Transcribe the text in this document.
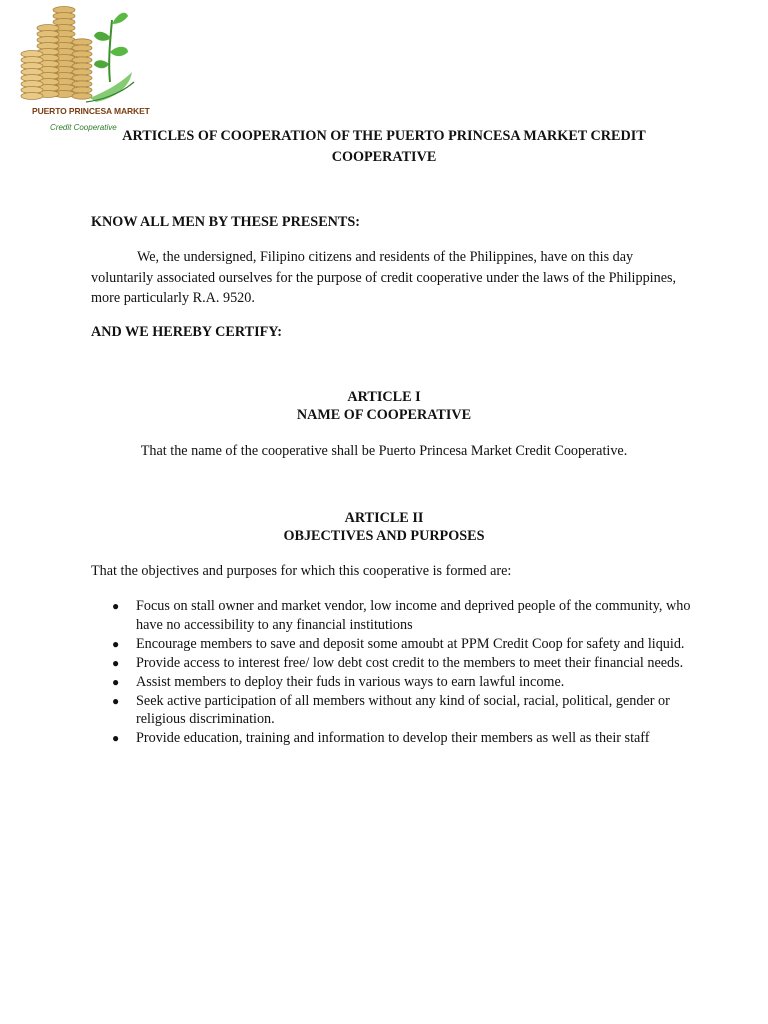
PUERTO PRINCESA MARKET
Credit Cooperative
ARTICLES OF COOPERATION OF THE PUERTO PRINCESA MARKET CREDIT COOPERATIVE

KNOW ALL MEN BY THESE PRESENTS:

We, the undersigned, Filipino citizens and residents of the Philippines, have on this day voluntarily associated ourselves for the purpose of credit cooperative under the laws of the Philippines, more particularly R.A. 9520.

AND WE HEREBY CERTIFY:

ARTICLE I
NAME OF COOPERATIVE

That the name of the cooperative shall be Puerto Princesa Market Credit Cooperative.

ARTICLE II
OBJECTIVES AND PURPOSES

That the objectives and purposes for which this cooperative is formed are:

● Focus on stall owner and market vendor, low income and deprived people of the community, who have no accessibility to any financial institutions
● Encourage members to save and deposit some amoubt at PPM Credit Coop for safety and liquid.
● Provide access to interest free/ low debt cost credit to the members to meet their financial needs.
● Assist members to deploy their fuds in various ways to earn lawful income.
● Seek active participation of all members without any kind of social, racial, political, gender or religious discrimination.
● Provide education, training and information to develop their members as well as their staff
